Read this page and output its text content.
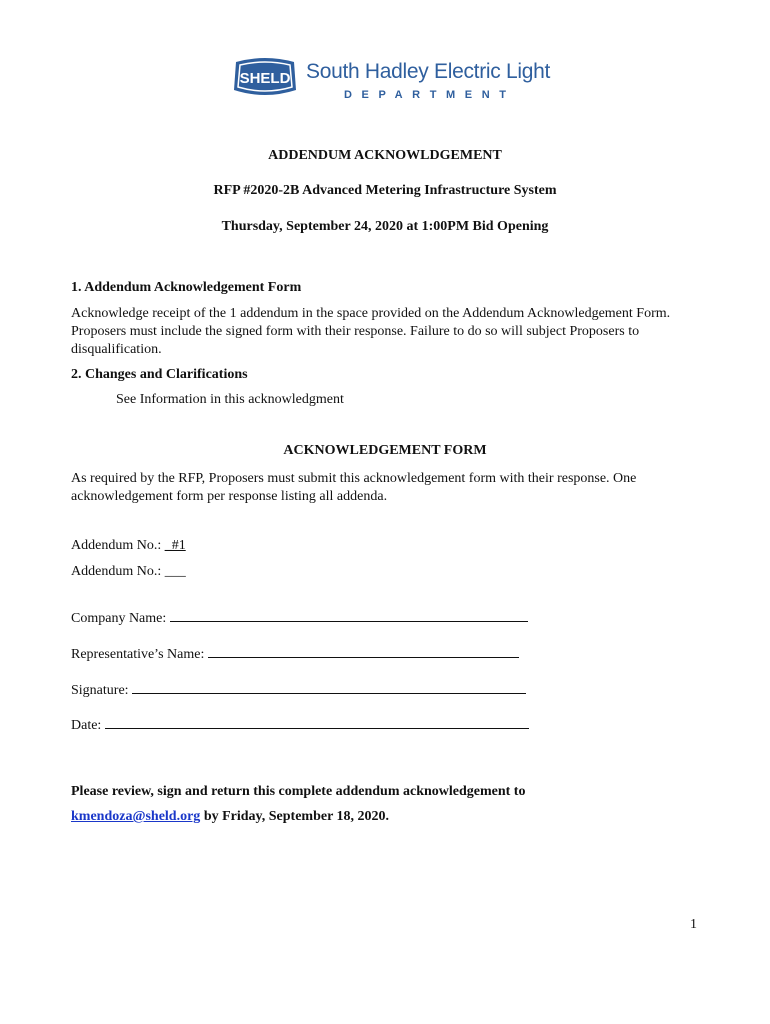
SHELD South Hadley Electric Light
DEPARTMENT
ADDENDUM ACKNOWLDGEMENT
RFP #2020-2B Advanced Metering Infrastructure System
Thursday, September 24, 2020 at 1:00PM Bid Opening
1. Addendum Acknowledgement Form
Acknowledge receipt of the 1 addendum in the space provided on the Addendum Acknowledgement Form. Proposers must include the signed form with their response. Failure to do so will subject Proposers to disqualification.
2. Changes and Clarifications
See Information in this acknowledgment
ACKNOWLEDGEMENT FORM
As required by the RFP, Proposers must submit this acknowledgement form with their response. One acknowledgement form per response listing all addenda.
Addendum No.: _#1
Addendum No.: ___
Company Name:
Representative’s Name:
Signature:
Date:
Please review, sign and return this complete addendum acknowledgement to
kmendoza@sheld.org by Friday, September 18, 2020.
1
